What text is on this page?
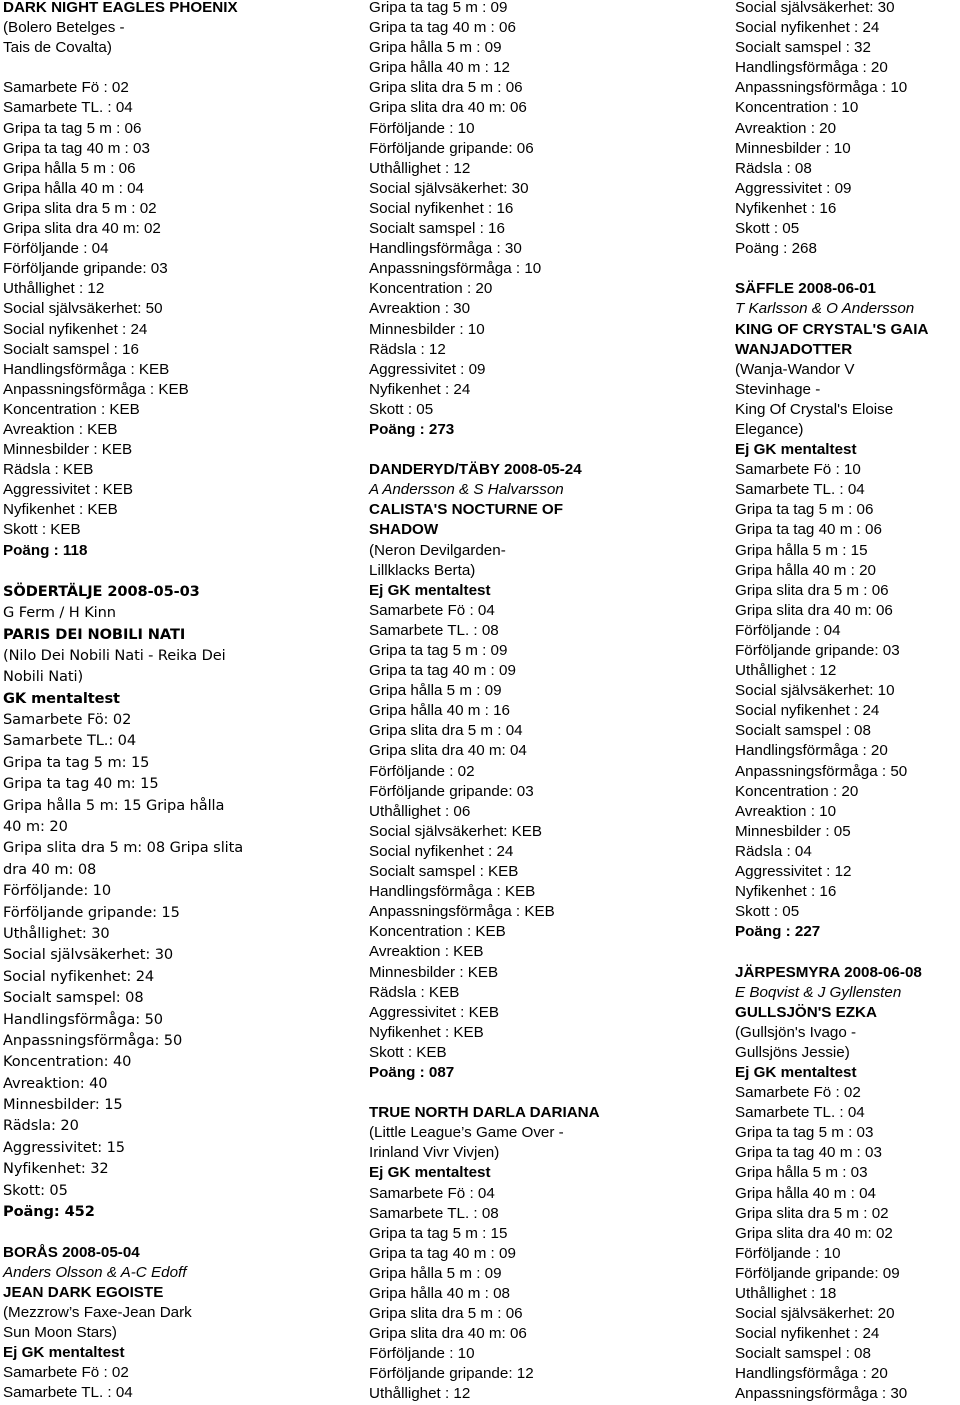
DARK NIGHT EAGLES PHOENIX
(Bolero Betelges -
Tais de Covalta)
Samarbete Fö : 02
Samarbete TL. : 04
Gripa ta tag 5 m : 06
Gripa ta tag 40 m : 03
Gripa hålla 5 m : 06
Gripa hålla 40 m : 04
Gripa slita dra 5 m : 02
Gripa slita dra 40 m: 02
Förföljande : 04
Förföljande gripande: 03
Uthållighet : 12
Social självsäkerhet: 50
Social nyfikenhet : 24
Socialt samspel : 16
Handlingsförmåga : KEB
Anpassningsförmåga : KEB
Koncentration : KEB
Avreaktion : KEB
Minnesbilder : KEB
Rädsla : KEB
Aggressivitet : KEB
Nyfikenhet : KEB
Skott : KEB
Poäng : 118
SÖDERTÄLJE 2008-05-03
G Ferm / H Kinn
PARIS DEI NOBILI NATI
(Nilo Dei Nobili Nati - Reika Dei
Nobili Nati)
GK mentaltest
Samarbete Fö: 02
Samarbete TL.: 04
Gripa ta tag 5 m: 15
Gripa ta tag 40 m: 15
Gripa hålla 5 m: 15 Gripa hålla
40 m: 20
Gripa slita dra 5 m: 08 Gripa slita
dra 40 m: 08
Förföljande: 10
Förföljande gripande: 15
Uthållighet: 30
Social självsäkerhet: 30
Social nyfikenhet: 24
Socialt samspel: 08
Handlingsförmåga: 50
Anpassningsförmåga: 50
Koncentration: 40
Avreaktion: 40
Minnesbilder: 15
Rädsla: 20
Aggressivitet: 15
Nyfikenhet: 32
Skott: 05
Poäng: 452
BORÅS 2008-05-04
Anders Olsson & A-C Edoff
JEAN DARK EGOISTE
(Mezzrow’s Faxe-Jean Dark
Sun Moon Stars)
Ej GK mentaltest
Samarbete Fö : 02
Samarbete TL. : 04
Gripa ta tag 5 m : 09
Gripa ta tag 40 m : 06
Gripa hålla 5 m : 09
Gripa hålla 40 m : 12
Gripa slita dra 5 m : 06
Gripa slita dra 40 m: 06
Förföljande : 10
Förföljande gripande: 06
Uthållighet : 12
Social självsäkerhet: 30
Social nyfikenhet : 16
Socialt samspel : 16
Handlingsförmåga : 30
Anpassningsförmåga : 10
Koncentration : 20
Avreaktion : 30
Minnesbilder : 10
Rädsla : 12
Aggressivitet : 09
Nyfikenhet : 24
Skott : 05
Poäng : 273
DANDERYD/TÄBY 2008-05-24
A Andersson & S Halvarsson
CALISTA'S NOCTURNE OF
SHADOW
(Neron Devilgarden-
Lillklacks Berta)
Ej GK mentaltest
Samarbete Fö : 04
Samarbete TL. : 08
Gripa ta tag 5 m : 09
Gripa ta tag 40 m : 09
Gripa hålla 5 m : 09
Gripa hålla 40 m : 16
Gripa slita dra 5 m : 04
Gripa slita dra 40 m: 04
Förföljande : 02
Förföljande gripande: 03
Uthållighet : 06
Social självsäkerhet: KEB
Social nyfikenhet : 24
Socialt samspel : KEB
Handlingsförmåga : KEB
Anpassningsförmåga : KEB
Koncentration : KEB
Avreaktion : KEB
Minnesbilder : KEB
Rädsla : KEB
Aggressivitet : KEB
Nyfikenhet : KEB
Skott : KEB
Poäng : 087
TRUE NORTH DARLA DARIANA
(Little League’s Game Over -
Irinland Vivr Vivjen)
Ej GK mentaltest
Samarbete Fö : 04
Samarbete TL. : 08
Gripa ta tag 5 m : 15
Gripa ta tag 40 m : 09
Gripa hålla 5 m : 09
Gripa hålla 40 m : 08
Gripa slita dra 5 m : 06
Gripa slita dra 40 m: 06
Förföljande : 10
Förföljande gripande: 12
Uthållighet : 12
Social självsäkerhet: 30
Social nyfikenhet : 24
Socialt samspel : 32
Handlingsförmåga : 20
Anpassningsförmåga : 10
Koncentration : 10
Avreaktion : 20
Minnesbilder : 10
Rädsla : 08
Aggressivitet : 09
Nyfikenhet : 16
Skott : 05
Poäng : 268
SÄFFLE 2008-06-01
T Karlsson & O Andersson
KING OF CRYSTAL'S GAIA
WANJADOTTER
(Wanja-Wandor V
Stevinhage -
King Of Crystal's Eloise
Elegance)
Ej GK mentaltest
Samarbete Fö : 10
Samarbete TL. : 04
Gripa ta tag 5 m : 06
Gripa ta tag 40 m : 06
Gripa hålla 5 m : 15
Gripa hålla 40 m : 20
Gripa slita dra 5 m : 06
Gripa slita dra 40 m: 06
Förföljande : 04
Förföljande gripande: 03
Uthållighet : 12
Social självsäkerhet: 10
Social nyfikenhet : 24
Socialt samspel : 08
Handlingsförmåga : 20
Anpassningsförmåga : 50
Koncentration : 20
Avreaktion : 10
Minnesbilder : 05
Rädsla : 04
Aggressivitet : 12
Nyfikenhet : 16
Skott : 05
Poäng : 227
JÄRPESMYRA 2008-06-08
E Boqvist & J Gyllensten
GULLSJÖN'S EZKA
(Gullsjön's Ivago -
Gullsjöns Jessie)
Ej GK mentaltest
Samarbete Fö : 02
Samarbete TL. : 04
Gripa ta tag 5 m : 03
Gripa ta tag 40 m : 03
Gripa hålla 5 m : 03
Gripa hålla 40 m : 04
Gripa slita dra 5 m : 02
Gripa slita dra 40 m: 02
Förföljande : 10
Förföljande gripande: 09
Uthållighet : 18
Social självsäkerhet: 20
Social nyfikenhet : 24
Socialt samspel : 08
Handlingsförmåga : 20
Anpassningsförmåga : 30
